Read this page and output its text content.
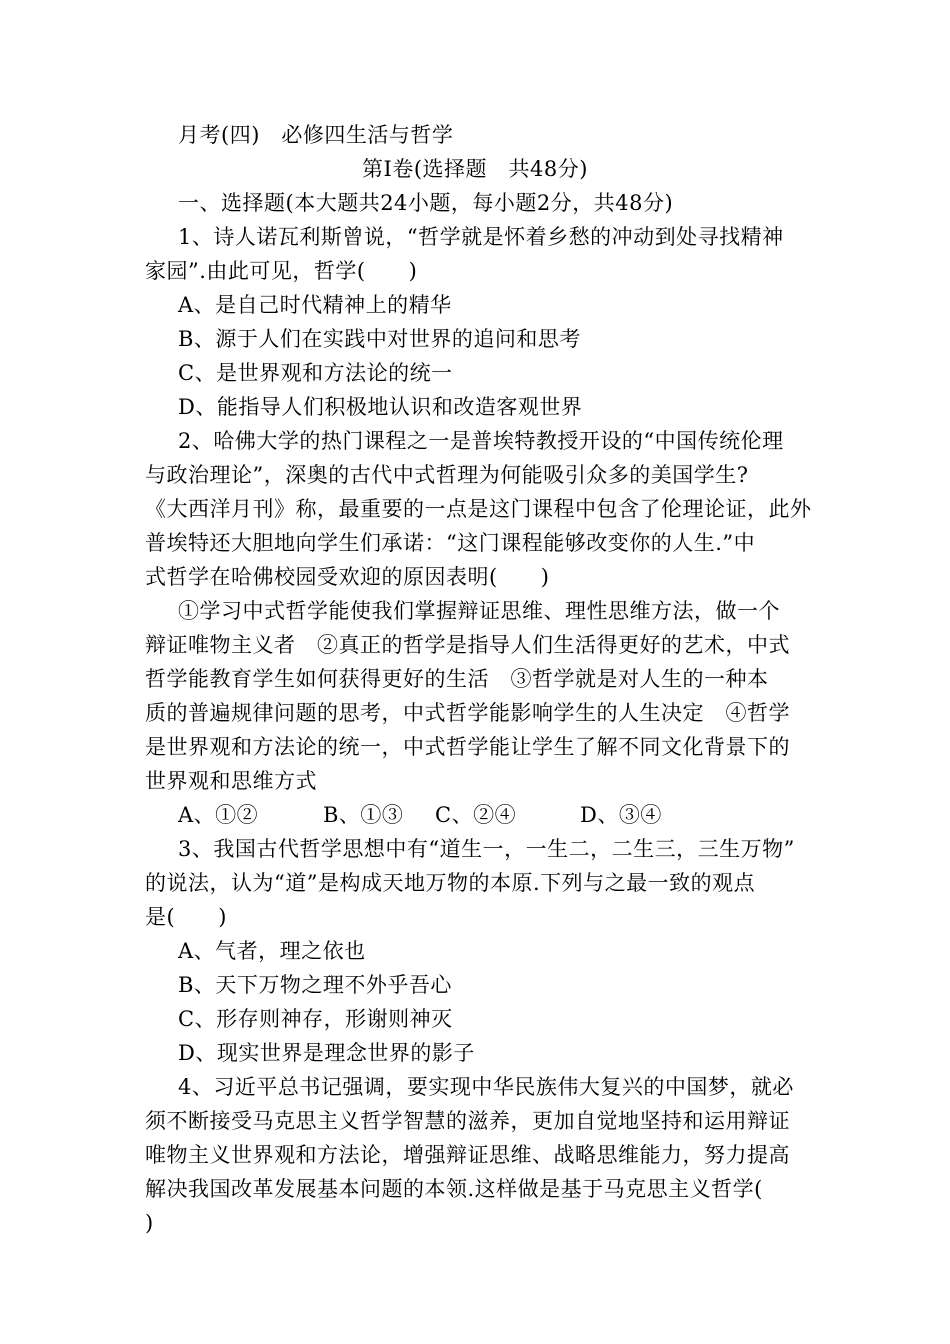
月考(四)　必修四生活与哲学
第Ⅰ卷(选择题　共48分)
一、选择题(本大题共24小题，每小题2分，共48分)
1、诗人诺瓦利斯曾说，“哲学就是怀着乡愁的冲动到处寻找精神
家园”.由此可见，哲学(　　)
A、是自己时代精神上的精华
B、源于人们在实践中对世界的追问和思考
C、是世界观和方法论的统一
D、能指导人们积极地认识和改造客观世界
2、哈佛大学的热门课程之一是普埃特教授开设的“中国传统伦理
与政治理论”，深奥的古代中式哲理为何能吸引众多的美国学生?
《大西洋月刊》称，最重要的一点是这门课程中包含了伦理论证，此外
普埃特还大胆地向学生们承诺：“这门课程能够改变你的人生.”中
式哲学在哈佛校园受欢迎的原因表明(　　)
①学习中式哲学能使我们掌握辩证思维、理性思维方法，做一个
辩证唯物主义者　②真正的哲学是指导人们生活得更好的艺术，中式
哲学能教育学生如何获得更好的生活　③哲学就是对人生的一种本
质的普遍规律问题的思考，中式哲学能影响学生的人生决定　④哲学
是世界观和方法论的统一，中式哲学能让学生了解不同文化背景下的
世界观和思维方式
A、①②	B、①③ C、②④	D、③④
3、我国古代哲学思想中有“道生一，一生二，二生三，三生万物”
的说法，认为“道”是构成天地万物的本原.下列与之最一致的观点
是(　　)
A、气者，理之依也
B、天下万物之理不外乎吾心
C、形存则神存，形谢则神灭
D、现实世界是理念世界的影子
4、习近平总书记强调，要实现中华民族伟大复兴的中国梦，就必
须不断接受马克思主义哲学智慧的滋养，更加自觉地坚持和运用辩证
唯物主义世界观和方法论，增强辩证思维、战略思维能力，努力提高
解决我国改革发展基本问题的本领.这样做是基于马克思主义哲学(
)
